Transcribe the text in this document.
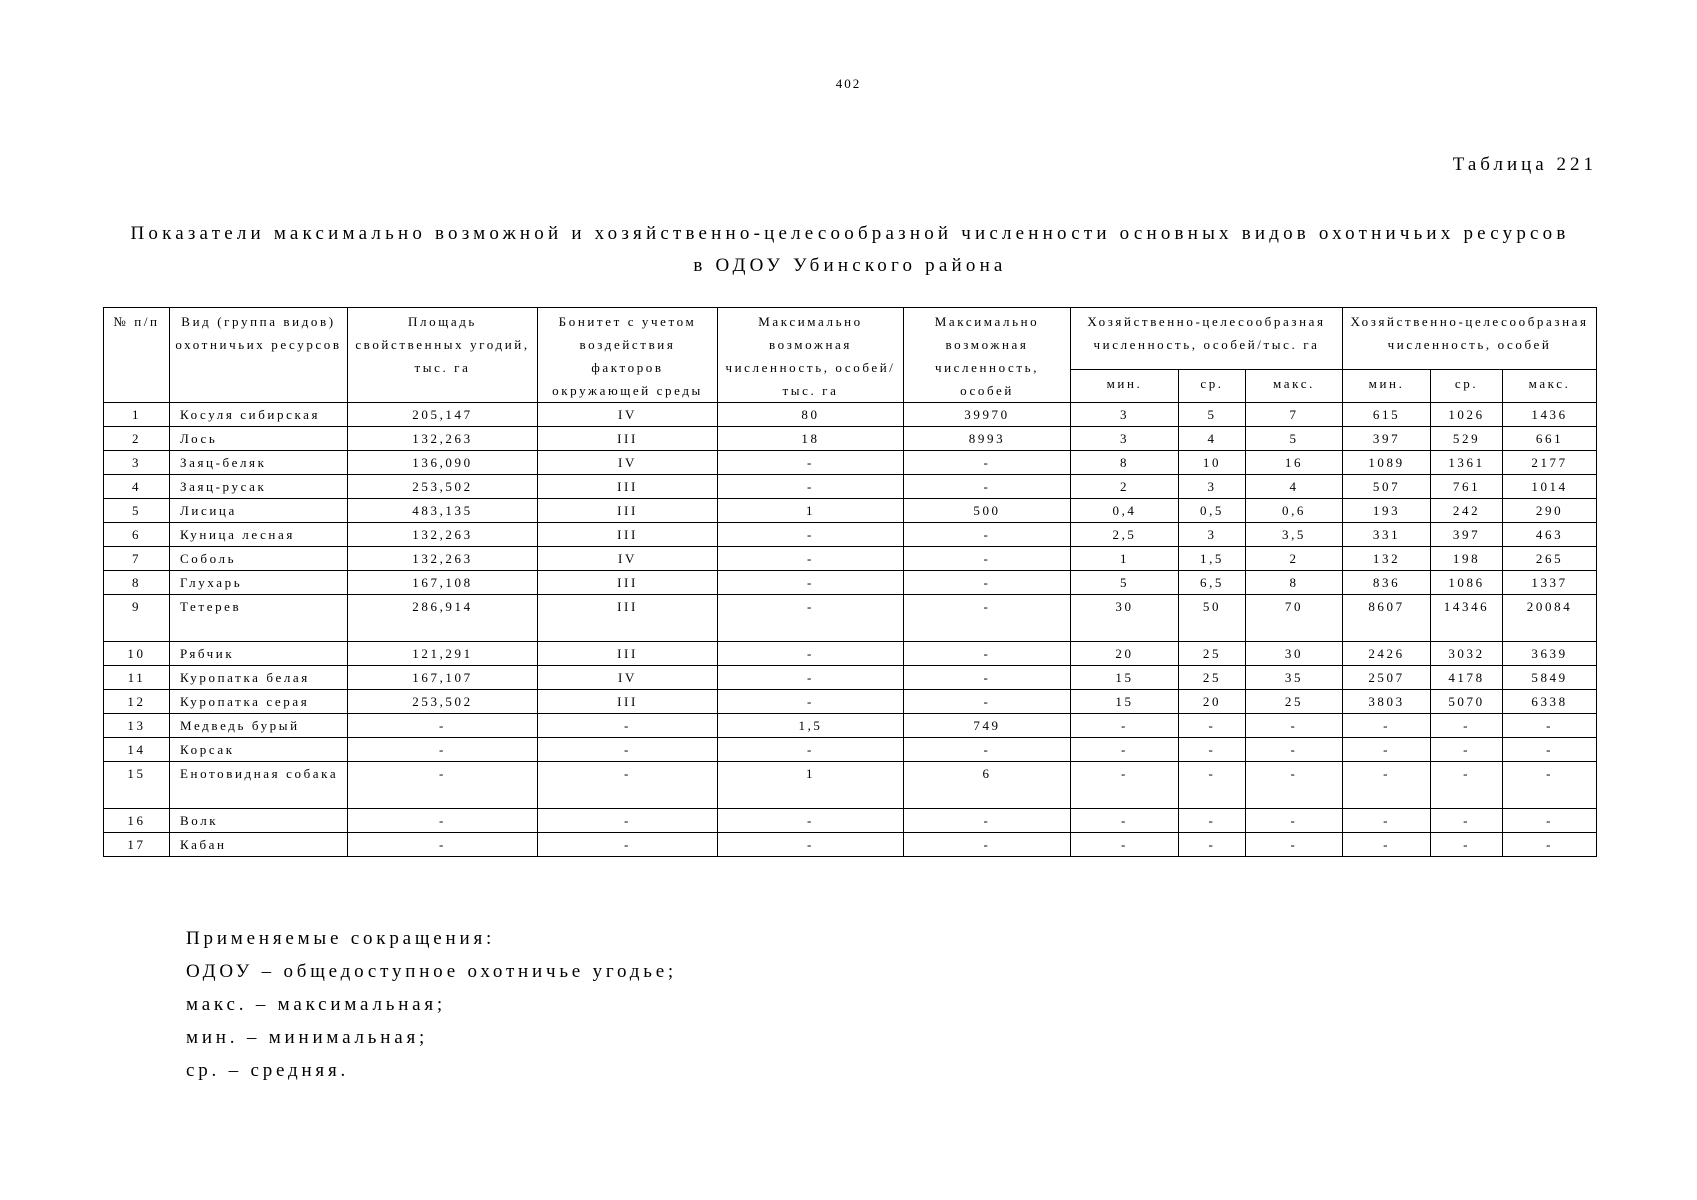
402
Таблица 221
Показатели максимально возможной и хозяйственно-целесообразной численности основных видов охотничьих ресурсов
в ОДОУ Убинского района
№ п/п	Вид (группа видов) охотничьих ресурсов	Площадь свойственных угодий, тыс. га	Бонитет с учетом воздействия факторов окружающей среды	Максимально возможная численность, особей/тыс. га	Максимально возможная численность, особей	Хозяйственно-целесообразная численность, особей/тыс. га			Хозяйственно-целесообразная численность, особей		
						мин.	ср.	макс.	мин.	ср.	макс.
1	Косуля сибирская	205,147	IV	80	39970	3	5	7	615	1026	1436
2	Лось	132,263	III	18	8993	3	4	5	397	529	661
3	Заяц-беляк	136,090	IV	-	-	8	10	16	1089	1361	2177
4	Заяц-русак	253,502	III	-	-	2	3	4	507	761	1014
5	Лисица	483,135	III	1	500	0,4	0,5	0,6	193	242	290
6	Куница лесная	132,263	III	-	-	2,5	3	3,5	331	397	463
7	Соболь	132,263	IV	-	-	1	1,5	2	132	198	265
8	Глухарь	167,108	III	-	-	5	6,5	8	836	1086	1337
9	Тетерев	286,914	III	-	-	30	50	70	8607	14346	20084
10	Рябчик	121,291	III	-	-	20	25	30	2426	3032	3639
11	Куропатка белая	167,107	IV	-	-	15	25	35	2507	4178	5849
12	Куропатка серая	253,502	III	-	-	15	20	25	3803	5070	6338
13	Медведь бурый	-	-	1,5	749	-	-	-	-	-	-
14	Корсак	-	-	-	-	-	-	-	-	-	-
15	Енотовидная собака	-	-	1	6	-	-	-	-	-	-
16	Волк	-	-	-	-	-	-	-	-	-	-
17	Кабан	-	-	-	-	-	-	-	-	-	-
Применяемые сокращения:
ОДОУ – общедоступное охотничье угодье;
макс. – максимальная;
мин. – минимальная;
ср. – средняя.
